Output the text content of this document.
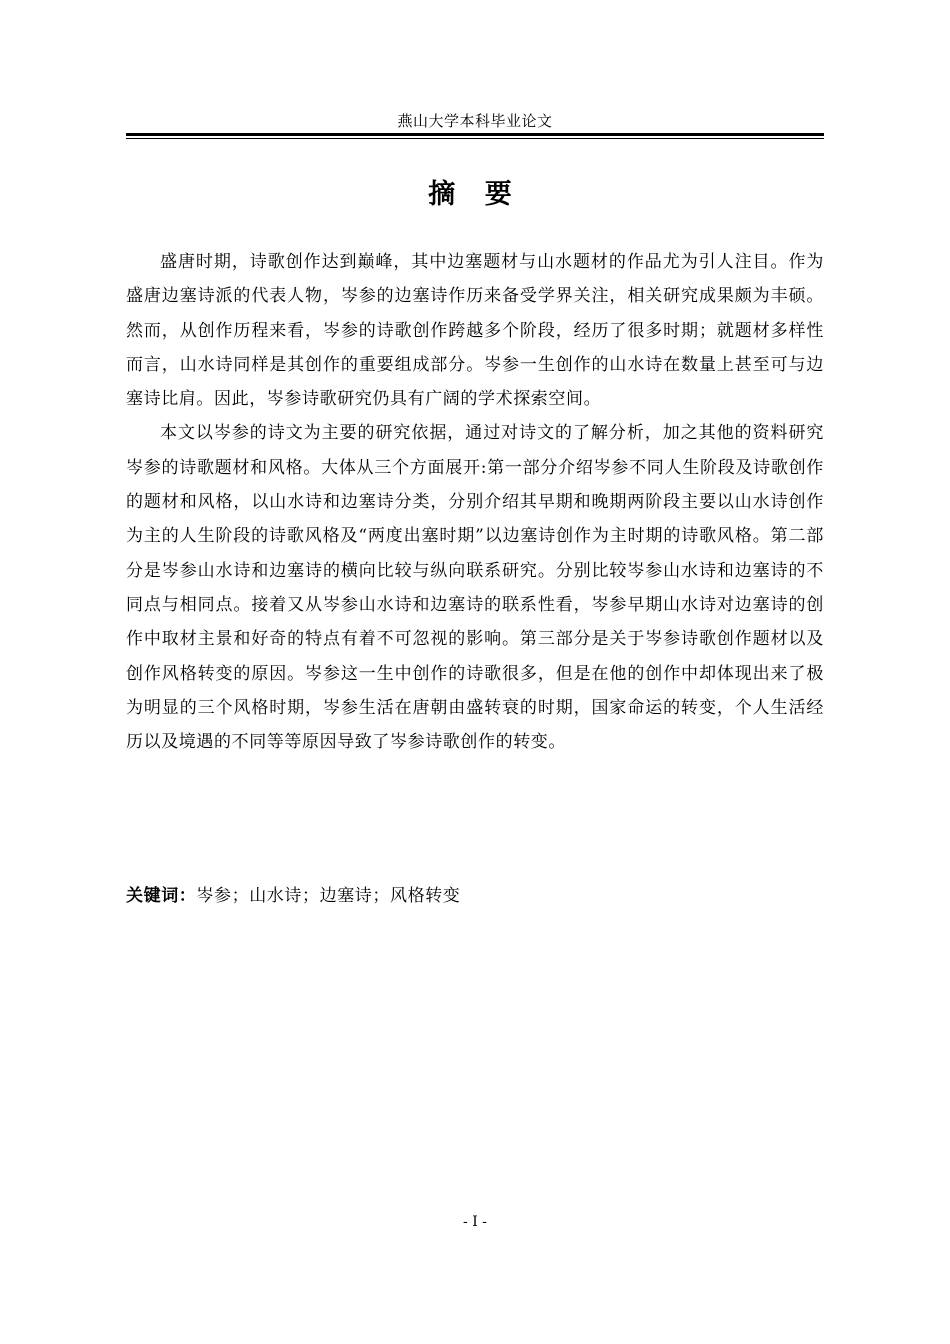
燕山大学本科毕业论文
摘 要

盛唐时期，诗歌创作达到巅峰，其中边塞题材与山水题材的作品尤为引人注目。作为盛唐边塞诗派的代表人物，岑参的边塞诗作历来备受学界关注，相关研究成果颇为丰硕。然而，从创作历程来看，岑参的诗歌创作跨越多个阶段，经历了很多时期；就题材多样性而言，山水诗同样是其创作的重要组成部分。岑参一生创作的山水诗在数量上甚至可与边塞诗比肩。因此，岑参诗歌研究仍具有广阔的学术探索空间。

本文以岑参的诗文为主要的研究依据，通过对诗文的了解分析，加之其他的资料研究岑参的诗歌题材和风格。大体从三个方面展开:第一部分介绍岑参不同人生阶段及诗歌创作的题材和风格，以山水诗和边塞诗分类，分别介绍其早期和晚期两阶段主要以山水诗创作为主的人生阶段的诗歌风格及“两度出塞时期”以边塞诗创作为主时期的诗歌风格。第二部分是岑参山水诗和边塞诗的横向比较与纵向联系研究。分别比较岑参山水诗和边塞诗的不同点与相同点。接着又从岑参山水诗和边塞诗的联系性看，岑参早期山水诗对边塞诗的创作中取材主景和好奇的特点有着不可忽视的影响。第三部分是关于岑参诗歌创作题材以及创作风格转变的原因。岑参这一生中创作的诗歌很多，但是在他的创作中却体现出来了极为明显的三个风格时期，岑参生活在唐朝由盛转衰的时期，国家命运的转变，个人生活经历以及境遇的不同等等原因导致了岑参诗歌创作的转变。

关键词：岑参；山水诗；边塞诗；风格转变
- I -
